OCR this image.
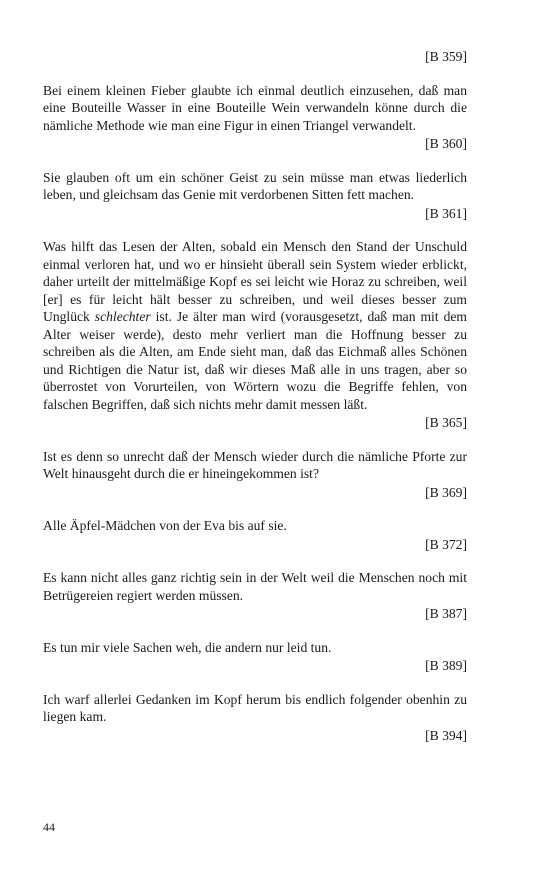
[B 359]

Bei einem kleinen Fieber glaubte ich einmal deutlich einzusehen, daß man eine Bouteille Wasser in eine Bouteille Wein verwandeln könne durch die nämliche Methode wie man eine Figur in einen Triangel verwandelt.

[B 360]

Sie glauben oft um ein schöner Geist zu sein müsse man etwas liederlich leben, und gleichsam das Genie mit verdorbenen Sitten fett machen.

[B 361]

Was hilft das Lesen der Alten, sobald ein Mensch den Stand der Unschuld einmal verloren hat, und wo er hinsieht überall sein System wieder erblickt, daher urteilt der mittelmäßige Kopf es sei leicht wie Horaz zu schreiben, weil [er] es für leicht hält besser zu schreiben, und weil dieses besser zum Unglück schlechter ist. Je älter man wird (vorausgesetzt, daß man mit dem Alter weiser werde), desto mehr verliert man die Hoffnung besser zu schreiben als die Alten, am Ende sieht man, daß das Eichmaß alles Schönen und Richtigen die Natur ist, daß wir dieses Maß alle in uns tragen, aber so überrostet von Vorurteilen, von Wörtern wozu die Begriffe fehlen, von falschen Begriffen, daß sich nichts mehr damit messen läßt.

[B 365]

Ist es denn so unrecht daß der Mensch wieder durch die nämliche Pforte zur Welt hinausgeht durch die er hineingekommen ist?

[B 369]

Alle Äpfel-Mädchen von der Eva bis auf sie.

[B 372]

Es kann nicht alles ganz richtig sein in der Welt weil die Menschen noch mit Betrügereien regiert werden müssen.

[B 387]

Es tun mir viele Sachen weh, die andern nur leid tun.

[B 389]

Ich warf allerlei Gedanken im Kopf herum bis endlich folgender obenhin zu liegen kam.

[B 394]

44
